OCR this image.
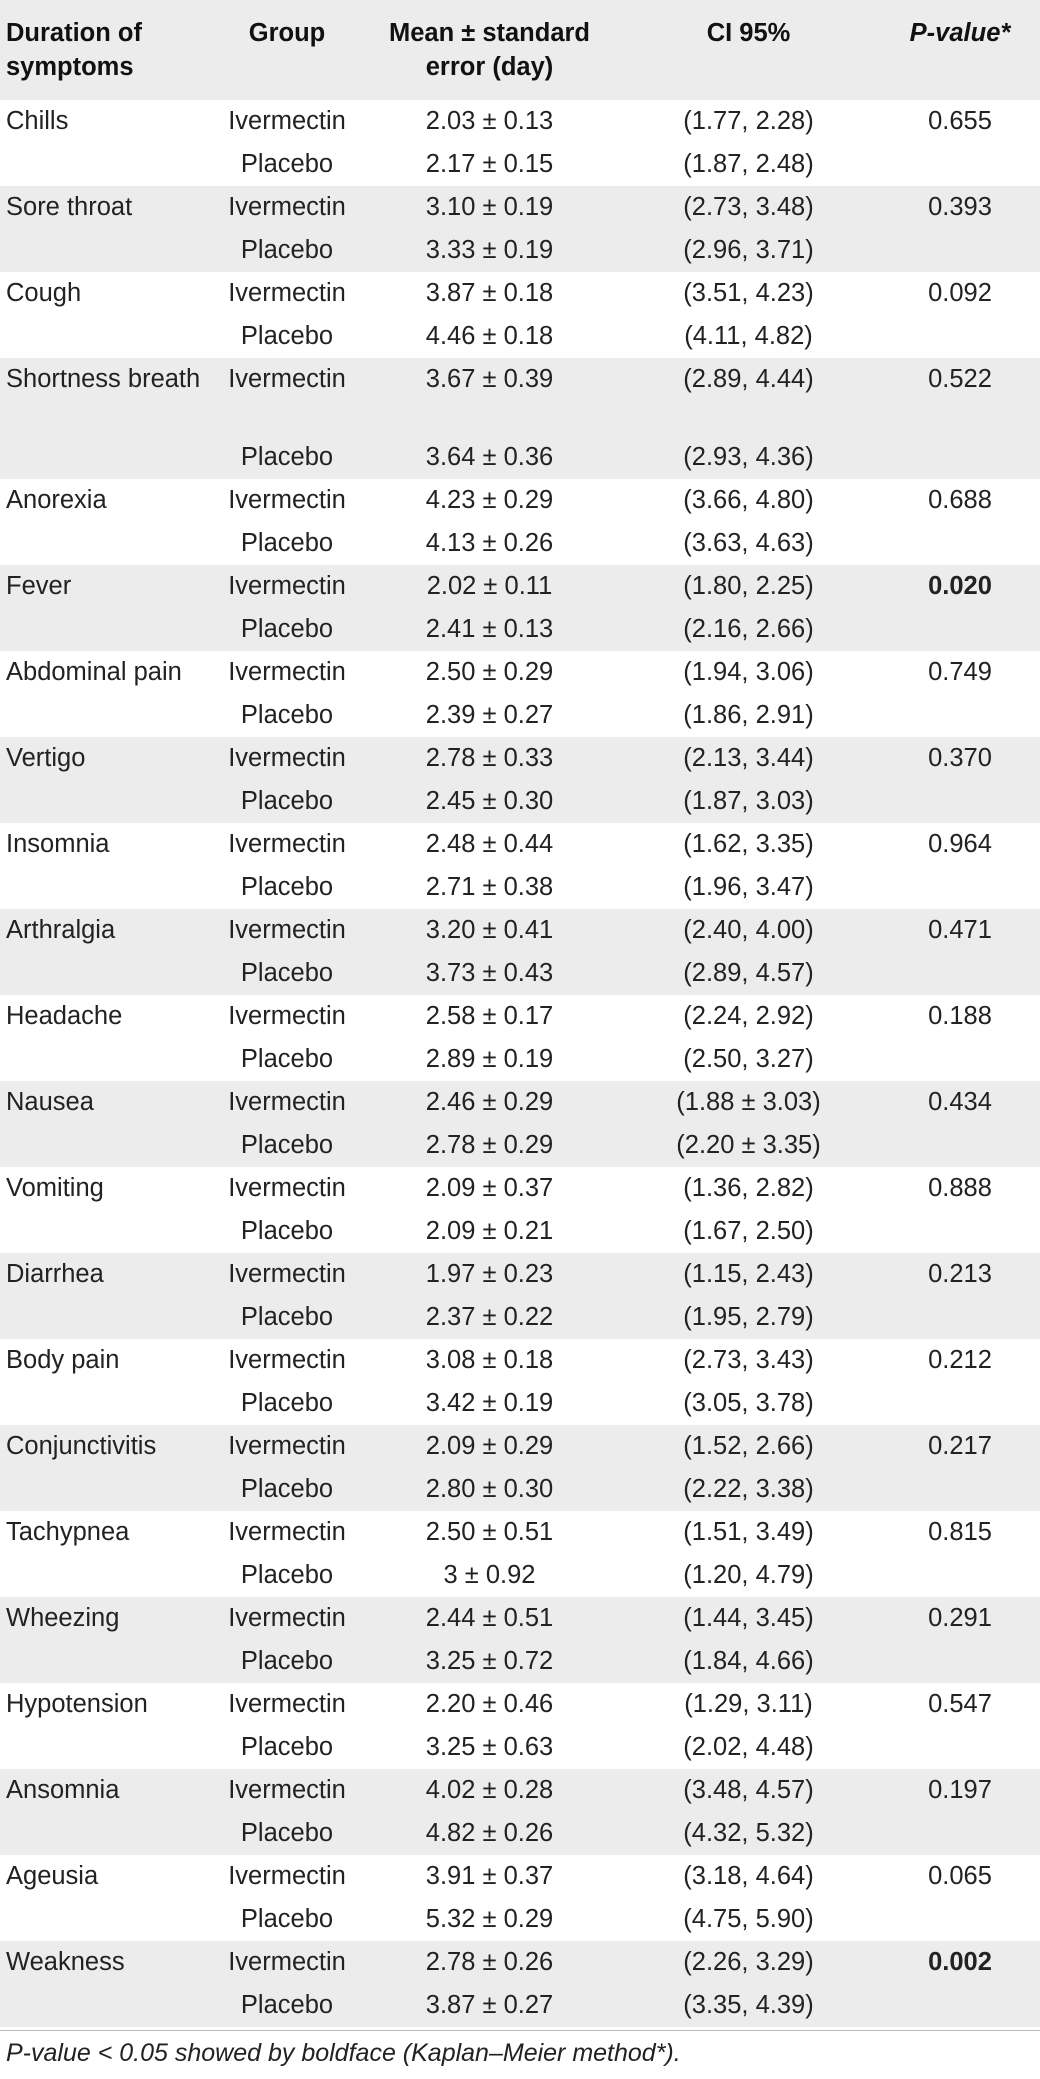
Duration of symptoms	Group	Mean ± standard error (day)	CI 95%	P-value*
Chills	Ivermectin	2.03 ± 0.13	(1.77, 2.28)	0.655
	Placebo	2.17 ± 0.15	(1.87, 2.48)	
Sore throat	Ivermectin	3.10 ± 0.19	(2.73, 3.48)	0.393
	Placebo	3.33 ± 0.19	(2.96, 3.71)	
Cough	Ivermectin	3.87 ± 0.18	(3.51, 4.23)	0.092
	Placebo	4.46 ± 0.18	(4.11, 4.82)	
Shortness breath	Ivermectin	3.67 ± 0.39	(2.89, 4.44)	0.522
	Placebo	3.64 ± 0.36	(2.93, 4.36)	
Anorexia	Ivermectin	4.23 ± 0.29	(3.66, 4.80)	0.688
	Placebo	4.13 ± 0.26	(3.63, 4.63)	
Fever	Ivermectin	2.02 ± 0.11	(1.80, 2.25)	0.020
	Placebo	2.41 ± 0.13	(2.16, 2.66)	
Abdominal pain	Ivermectin	2.50 ± 0.29	(1.94, 3.06)	0.749
	Placebo	2.39 ± 0.27	(1.86, 2.91)	
Vertigo	Ivermectin	2.78 ± 0.33	(2.13, 3.44)	0.370
	Placebo	2.45 ± 0.30	(1.87, 3.03)	
Insomnia	Ivermectin	2.48 ± 0.44	(1.62, 3.35)	0.964
	Placebo	2.71 ± 0.38	(1.96, 3.47)	
Arthralgia	Ivermectin	3.20 ± 0.41	(2.40, 4.00)	0.471
	Placebo	3.73 ± 0.43	(2.89, 4.57)	
Headache	Ivermectin	2.58 ± 0.17	(2.24, 2.92)	0.188
	Placebo	2.89 ± 0.19	(2.50, 3.27)	
Nausea	Ivermectin	2.46 ± 0.29	(1.88 ± 3.03)	0.434
	Placebo	2.78 ± 0.29	(2.20 ± 3.35)	
Vomiting	Ivermectin	2.09 ± 0.37	(1.36, 2.82)	0.888
	Placebo	2.09 ± 0.21	(1.67, 2.50)	
Diarrhea	Ivermectin	1.97 ± 0.23	(1.15, 2.43)	0.213
	Placebo	2.37 ± 0.22	(1.95, 2.79)	
Body pain	Ivermectin	3.08 ± 0.18	(2.73, 3.43)	0.212
	Placebo	3.42 ± 0.19	(3.05, 3.78)	
Conjunctivitis	Ivermectin	2.09 ± 0.29	(1.52, 2.66)	0.217
	Placebo	2.80 ± 0.30	(2.22, 3.38)	
Tachypnea	Ivermectin	2.50 ± 0.51	(1.51, 3.49)	0.815
	Placebo	3 ± 0.92	(1.20, 4.79)	
Wheezing	Ivermectin	2.44 ± 0.51	(1.44, 3.45)	0.291
	Placebo	3.25 ± 0.72	(1.84, 4.66)	
Hypotension	Ivermectin	2.20 ± 0.46	(1.29, 3.11)	0.547
	Placebo	3.25 ± 0.63	(2.02, 4.48)	
Ansomnia	Ivermectin	4.02 ± 0.28	(3.48, 4.57)	0.197
	Placebo	4.82 ± 0.26	(4.32, 5.32)	
Ageusia	Ivermectin	3.91 ± 0.37	(3.18, 4.64)	0.065
	Placebo	5.32 ± 0.29	(4.75, 5.90)	
Weakness	Ivermectin	2.78 ± 0.26	(2.26, 3.29)	0.002
	Placebo	3.87 ± 0.27	(3.35, 4.39)	
P-value < 0.05 showed by boldface (Kaplan–Meier method*).
